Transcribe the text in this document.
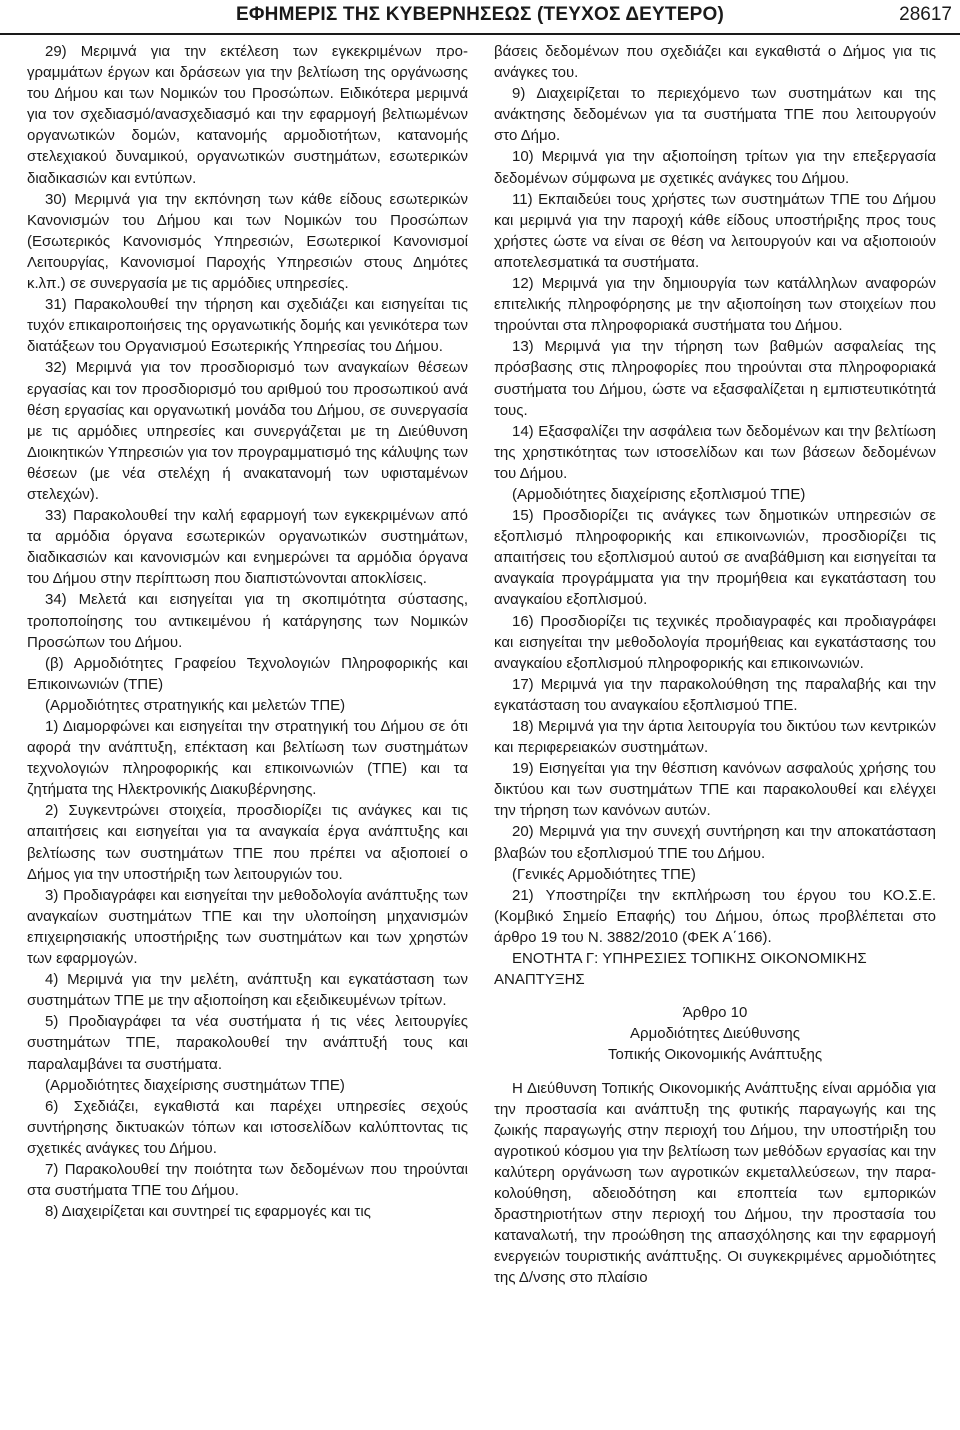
ΕΦΗΜΕΡΙΣ ΤΗΣ ΚΥΒΕΡΝΗΣΕΩΣ (ΤΕΥΧΟΣ ΔΕΥΤΕΡΟ)	28617

29) Μεριμνά για την εκτέλεση των εγκεκριμένων προγραμμάτων έργων και δράσεων για την βελτίωση της οργάνωσης του Δήμου και των Νομικών του Προσώπων. Ειδικότερα μεριμνά για τον σχεδιασμό/ανασχεδιασμό και την εφαρμογή βελτιωμένων οργανωτικών δομών, κατανομής αρμοδιοτήτων, κατανομής στελεχιακού δυναμικού, οργανωτικών συστημάτων, εσωτερικών διαδικασιών και εντύπων.

30) Μεριμνά για την εκπόνηση των κάθε είδους εσωτερικών Κανονισμών του Δήμου και των Νομικών του Προσώπων (Εσωτερικός Κανονισμός Υπηρεσιών, Εσωτερικοί Κανονισμοί Λειτουργίας, Κανονισμοί Παροχής Υπηρεσιών στους Δημότες κ.λπ.) σε συνεργασία με τις αρμόδιες υπηρεσίες.

31) Παρακολουθεί την τήρηση και σχεδιάζει και εισηγείται τις τυχόν επικαιροποιήσεις της οργανωτικής δομής και γενικότερα των διατάξεων του Οργανισμού Εσωτερικής Υπηρεσίας του Δήμου.

32) Μεριμνά για τον προσδιορισμό των αναγκαίων θέσεων εργασίας και τον προσδιορισμό του αριθμού του προσωπικού ανά θέση εργασίας και οργανωτική μονάδα του Δήμου, σε συνεργασία με τις αρμόδιες υπηρεσίες και συνεργάζεται με τη Διεύθυνση Διοικητικών Υπηρεσιών για τον προγραμματισμό της κάλυψης των θέσεων (με νέα στελέχη ή ανακατανομή των υφισταμένων στελεχών).

33) Παρακολουθεί την καλή εφαρμογή των εγκεκριμένων από τα αρμόδια όργανα εσωτερικών οργανωτικών συστημάτων, διαδικασιών και κανονισμών και ενημερώνει τα αρμόδια όργανα του Δήμου στην περίπτωση που διαπιστώνονται αποκλίσεις.

34) Μελετά και εισηγείται για τη σκοπιμότητα σύστασης, τροποποίησης του αντικειμένου ή κατάργησης των Νομικών Προσώπων του Δήμου.

(β) Αρμοδιότητες Γραφείου Τεχνολογιών Πληροφορικής και Επικοινωνιών (ΤΠΕ)

(Αρμοδιότητες στρατηγικής και μελετών ΤΠΕ)

1) Διαμορφώνει και εισηγείται την στρατηγική του Δήμου σε ότι αφορά την ανάπτυξη, επέκταση και βελτίωση των συστημάτων τεχνολογιών πληροφορικής και επικοινωνιών (ΤΠΕ) και τα ζητήματα της Ηλεκτρονικής Διακυβέρνησης.

2) Συγκεντρώνει στοιχεία, προσδιορίζει τις ανάγκες και τις απαιτήσεις και εισηγείται για τα αναγκαία έργα ανάπτυξης και βελτίωσης των συστημάτων ΤΠΕ που πρέπει να αξιοποιεί ο Δήμος για την υποστήριξη των λειτουργιών του.

3) Προδιαγράφει και εισηγείται την μεθοδολογία ανάπτυξης των αναγκαίων συστημάτων ΤΠΕ και την υλοποίηση μηχανισμών επιχειρησιακής υποστήριξης των συστημάτων και των χρηστών των εφαρμογών.

4) Μεριμνά για την μελέτη, ανάπτυξη και εγκατάσταση των συστημάτων ΤΠΕ με την αξιοποίηση και εξειδικευμένων τρίτων.

5) Προδιαγράφει τα νέα συστήματα ή τις νέες λειτουργίες συστημάτων ΤΠΕ, παρακολουθεί την ανάπτυξή τους και παραλαμβάνει τα συστήματα.

(Αρμοδιότητες διαχείρισης συστημάτων ΤΠΕ)

6) Σχεδιάζει, εγκαθιστά και παρέχει υπηρεσίες σεχούς συντήρησης δικτυακών τόπων και ιστοσελίδων καλύπτοντας τις σχετικές ανάγκες του Δήμου.

7) Παρακολουθεί την ποιότητα των δεδομένων που τηρούνται στα συστήματα ΤΠΕ του Δήμου.

8) Διαχειρίζεται και συντηρεί τις εφαρμογές και τις

βάσεις δεδομένων που σχεδιάζει και εγκαθιστά ο Δήμος για τις ανάγκες του.

9) Διαχειρίζεται το περιεχόμενο των συστημάτων και της ανάκτησης δεδομένων για τα συστήματα ΤΠΕ που λειτουργούν στο Δήμο.

10) Μεριμνά για την αξιοποίηση τρίτων για την επεξεργασία δεδομένων σύμφωνα με σχετικές ανάγκες του Δήμου.

11) Εκπαιδεύει τους χρήστες των συστημάτων ΤΠΕ του Δήμου και μεριμνά για την παροχή κάθε είδους υποστήριξης προς τους χρήστες ώστε να είναι σε θέση να λειτουργούν και να αξιοποιούν αποτελεσματικά τα συστήματα.

12) Μεριμνά για την δημιουργία των κατάλληλων αναφορών επιτελικής πληροφόρησης με την αξιοποίηση των στοιχείων που τηρούνται στα πληροφοριακά συστήματα του Δήμου.

13) Μεριμνά για την τήρηση των βαθμών ασφαλείας της πρόσβασης στις πληροφορίες που τηρούνται στα πληροφοριακά συστήματα του Δήμου, ώστε να εξασφαλίζεται η εμπιστευτικότητά τους.

14) Εξασφαλίζει την ασφάλεια των δεδομένων και την βελτίωση της χρηστικότητας των ιστοσελίδων και των βάσεων δεδομένων του Δήμου.

(Αρμοδιότητες διαχείρισης εξοπλισμού ΤΠΕ)

15) Προσδιορίζει τις ανάγκες των δημοτικών υπηρεσιών σε εξοπλισμό πληροφορικής και επικοινωνιών, προσδιορίζει τις απαιτήσεις του εξοπλισμού αυτού σε αναβάθμιση και εισηγείται τα αναγκαία προγράμματα για την προμήθεια και εγκατάσταση του αναγκαίου εξοπλισμού.

16) Προσδιορίζει τις τεχνικές προδιαγραφές και προδιαγράφει και εισηγείται την μεθοδολογία προμήθειας και εγκατάστασης του αναγκαίου εξοπλισμού πληροφορικής και επικοινωνιών.

17) Μεριμνά για την παρακολούθηση της παραλαβής και την εγκατάσταση του αναγκαίου εξοπλισμού ΤΠΕ.

18) Μεριμνά για την άρτια λειτουργία του δικτύου των κεντρικών και περιφερειακών συστημάτων.

19) Εισηγείται για την θέσπιση κανόνων ασφαλούς χρήσης του δικτύου και των συστημάτων ΤΠΕ και παρακολουθεί και ελέγχει την τήρηση των κανόνων αυτών.

20) Μεριμνά για την συνεχή συντήρηση και την αποκατάσταση βλαβών του εξοπλισμού ΤΠΕ του Δήμου.

(Γενικές Αρμοδιότητες ΤΠΕ)

21) Υποστηρίζει την εκπλήρωση του έργου του ΚΟ.Σ.Ε. (Κομβικό Σημείο Επαφής) του Δήμου, όπως προβλέπεται στο άρθρο 19 του Ν. 3882/2010 (ΦΕΚ Α΄166).

ΕΝΟΤΗΤΑ Γ: ΥΠΗΡΕΣΙΕΣ ΤΟΠΙΚΗΣ ΟΙΚΟΝΟΜΙΚΗΣ ΑΝΑΠΤΥΞΗΣ

Άρθρο 10

Αρμοδιότητες Διεύθυνσης

Τοπικής Οικονομικής Ανάπτυξης

Η Διεύθυνση Τοπικής Οικονομικής Ανάπτυξης είναι αρμόδια για την προστασία και ανάπτυξη της φυτικής παραγωγής και της ζωικής παραγωγής στην περιοχή του Δήμου, την υποστήριξη του αγροτικού κόσμου για την βελτίωση των μεθόδων εργασίας και την καλύτερη οργάνωση των αγροτικών εκμεταλλεύσεων, την παρακολούθηση, αδειοδότηση και εποπτεία των εμπορικών δραστηριοτήτων στην περιοχή του Δήμου, την προστασία του καταναλωτή, την προώθηση της απασχόλησης και την εφαρμογή ενεργειών τουριστικής ανάπτυξης. Οι συγκεκριμένες αρμοδιότητες της Δ/νσης στο πλαίσιο
